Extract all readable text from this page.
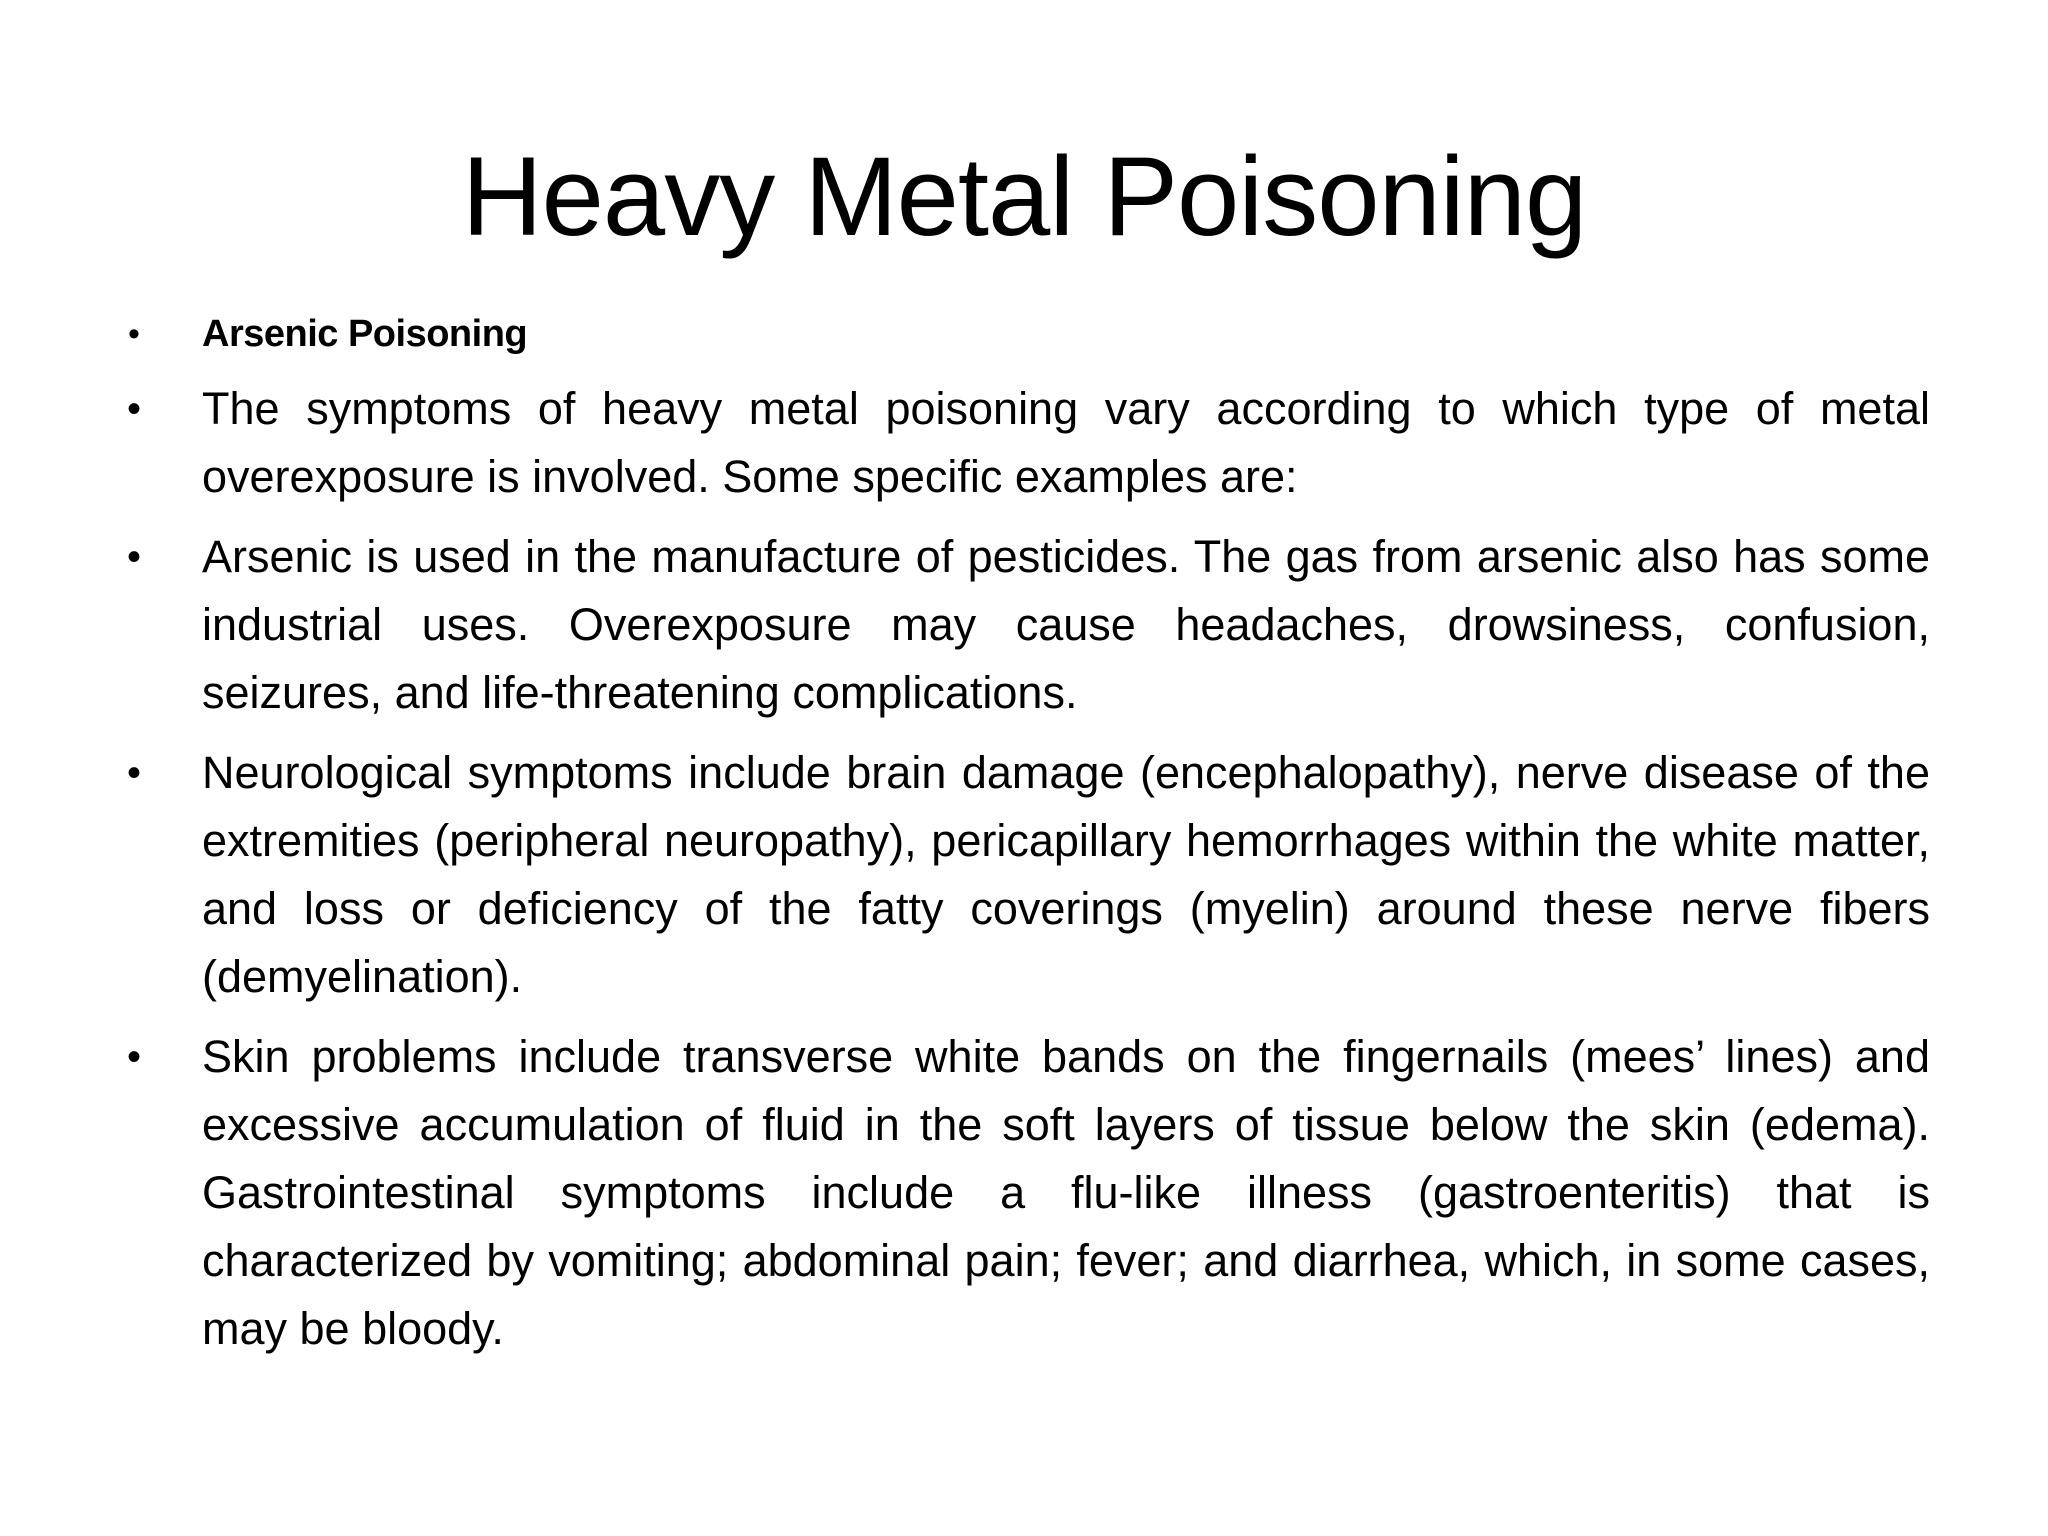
Heavy Metal Poisoning
• Arsenic Poisoning
• The symptoms of heavy metal poisoning vary according to which type of metal overexposure is involved. Some specific examples are:
• Arsenic is used in the manufacture of pesticides. The gas from arsenic also has some industrial uses. Overexposure may cause headaches, drowsiness, confusion, seizures, and life-threatening complications.
• Neurological symptoms include brain damage (encephalopathy), nerve disease of the extremities (peripheral neuropathy), pericapillary hemorrhages within the white matter, and loss or deficiency of the fatty coverings (myelin) around these nerve fibers (demyelination).
• Skin problems include transverse white bands on the fingernails (mees’ lines) and excessive accumulation of fluid in the soft layers of tissue below the skin (edema). Gastrointestinal symptoms include a flu-like illness (gastroenteritis) that is characterized by vomiting; abdominal pain; fever; and diarrhea, which, in some cases, may be bloody.
